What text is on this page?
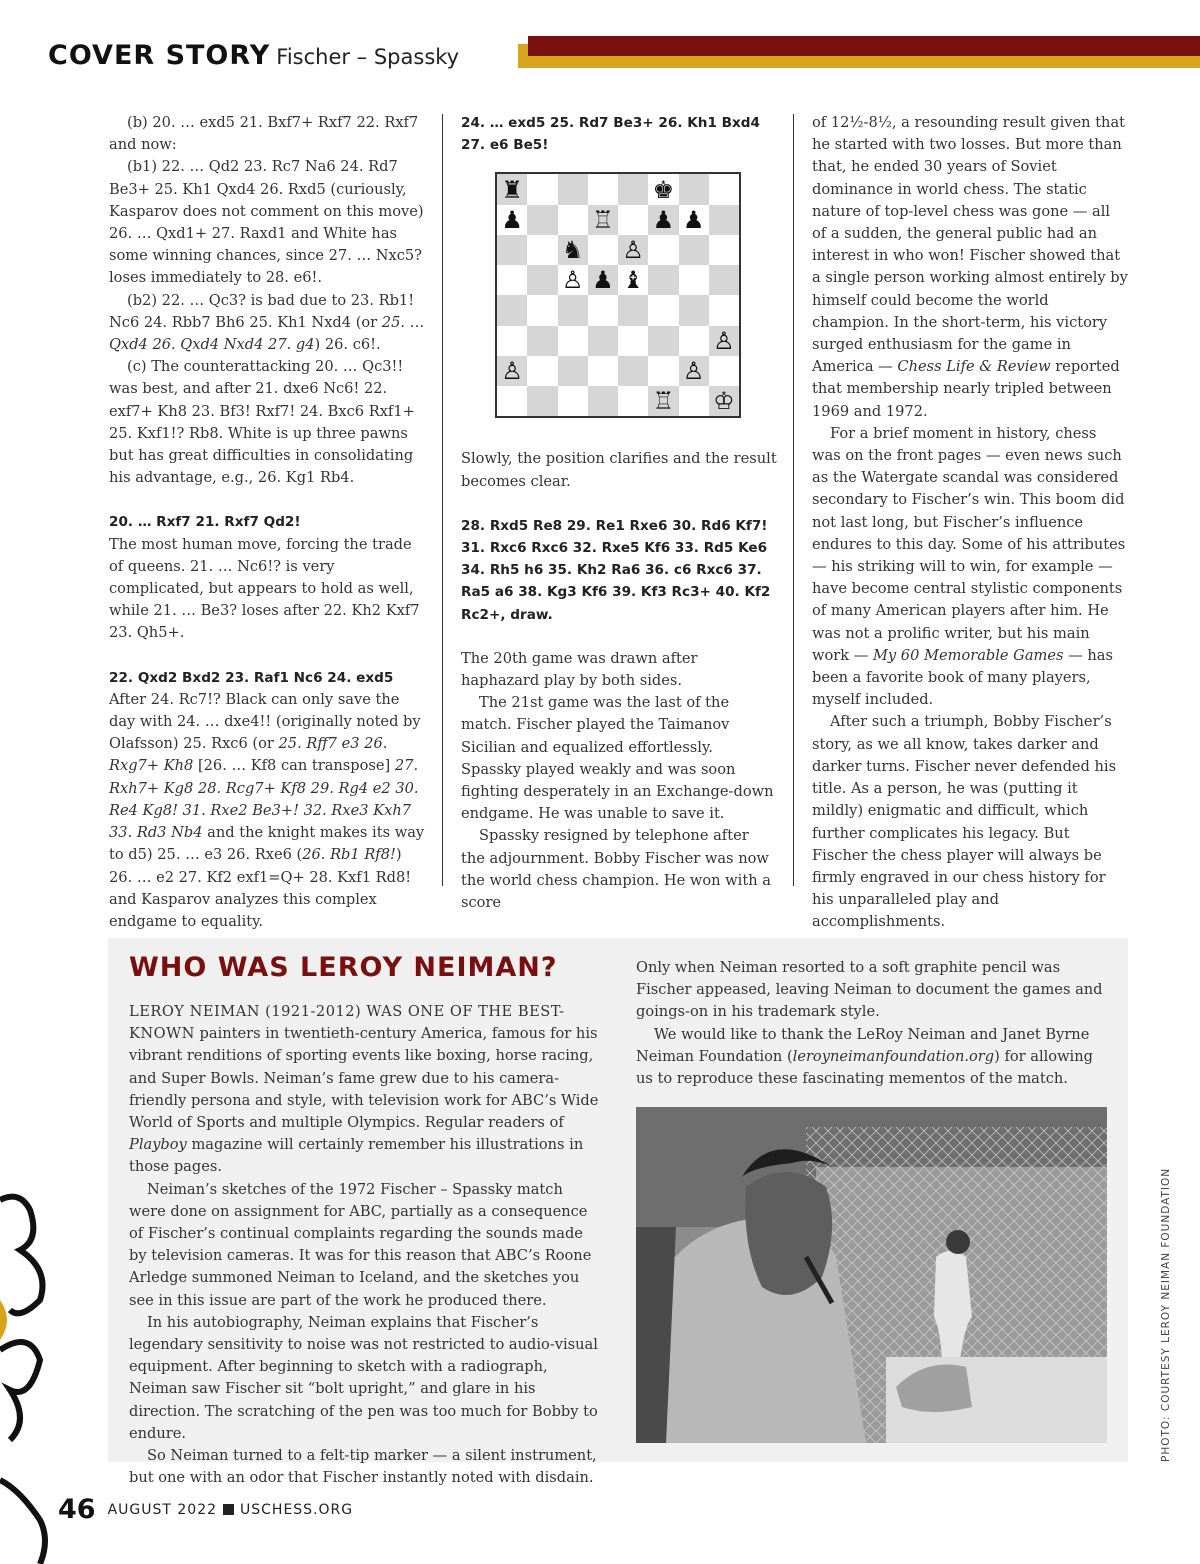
COVER STORY Fischer – Spassky

(b) 20. … exd5 21. Bxf7+ Rxf7 22. Rxf7 and now:

(b1) 22. … Qd2 23. Rc7 Na6 24. Rd7 Be3+ 25. Kh1 Qxd4 26. Rxd5 (curiously, Kasparov does not comment on this move) 26. … Qxd1+ 27. Raxd1 and White has some winning chances, since 27. … Nxc5? loses immediately to 28. e6!.

(b2) 22. … Qc3? is bad due to 23. Rb1! Nc6 24. Rbb7 Bh6 25. Kh1 Nxd4 (or 25. … Qxd4 26. Qxd4 Nxd4 27. g4) 26. c6!.

(c) The counterattacking 20. … Qc3!! was best, and after 21. dxe6 Nc6! 22. exf7+ Kh8 23. Bf3! Rxf7! 24. Bxc6 Rxf1+ 25. Kxf1!? Rb8. White is up three pawns but has great difficulties in consolidating his advantage, e.g., 26. Kg1 Rb4.

20. … Rxf7 21. Rxf7 Qd2!

The most human move, forcing the trade of queens. 21. … Nc6!? is very complicated, but appears to hold as well, while 21. … Be3? loses after 22. Kh2 Kxf7 23. Qh5+.

22. Qxd2 Bxd2 23. Raf1 Nc6 24. exd5

After 24. Rc7!? Black can only save the day with 24. … dxe4!! (originally noted by Olafsson) 25. Rxc6 (or 25. Rff7 e3 26. Rxg7+ Kh8 [26. … Kf8 can transpose] 27. Rxh7+ Kg8 28. Rcg7+ Kf8 29. Rg4 e2 30. Re4 Kg8! 31. Rxe2 Be3+! 32. Rxe3 Kxh7 33. Rd3 Nb4 and the knight makes its way to d5) 25. … e3 26. Rxe6 (26. Rb1 Rf8!) 26. … e2 27. Kf2 exf1=Q+ 28. Kxf1 Rd8! and Kasparov analyzes this complex endgame to equality.

24. … exd5 25. Rd7 Be3+ 26. Kh1 Bxd4 27. e6 Be5!

♜	♚
♟	♖ ♟ ♟
♞ ♙
♙ ♟ ♝
♙
♙	♙
♖ ♔

Slowly, the position clarifies and the result becomes clear.

28. Rxd5 Re8 29. Re1 Rxe6 30. Rd6 Kf7! 31. Rxc6 Rxc6 32. Rxe5 Kf6 33. Rd5 Ke6 34. Rh5 h6 35. Kh2 Ra6 36. c6 Rxc6 37. Ra5 a6 38. Kg3 Kf6 39. Kf3 Rc3+ 40. Kf2 Rc2+, draw.

The 20th game was drawn after haphazard play by both sides.

The 21st game was the last of the match. Fischer played the Taimanov Sicilian and equalized effortlessly. Spassky played weakly and was soon fighting desperately in an Exchange-down endgame. He was unable to save it.

Spassky resigned by telephone after the adjournment. Bobby Fischer was now the world chess champion. He won with a score

of 12½-8½, a resounding result given that he started with two losses. But more than that, he ended 30 years of Soviet dominance in world chess. The static nature of top-level chess was gone — all of a sudden, the general public had an interest in who won! Fischer showed that a single person working almost entirely by himself could become the world champion. In the short-term, his victory surged enthusiasm for the game in America — Chess Life & Review reported that membership nearly tripled between 1969 and 1972.

For a brief moment in history, chess was on the front pages — even news such as the Watergate scandal was considered secondary to Fischer’s win. This boom did not last long, but Fischer’s influence endures to this day. Some of his attributes — his striking will to win, for example — have become central stylistic components of many American players after him. He was not a prolific writer, but his main work — My 60 Memorable Games — has been a favorite book of many players, myself included.

After such a triumph, Bobby Fischer’s story, as we all know, takes darker and darker turns. Fischer never defended his title. As a person, he was (putting it mildly) enigmatic and difficult, which further complicates his legacy. But Fischer the chess player will always be firmly engraved in our chess history for his unparalleled play and accomplishments.

WHO WAS LEROY NEIMAN?

LEROY NEIMAN (1921-2012) WAS ONE OF THE BEST-KNOWN painters in twentieth-century America, famous for his vibrant renditions of sporting events like boxing, horse racing, and Super Bowls. Neiman’s fame grew due to his camera-friendly persona and style, with television work for ABC’s Wide World of Sports and multiple Olympics. Regular readers of Playboy magazine will certainly remember his illustrations in those pages.

Neiman’s sketches of the 1972 Fischer – Spassky match were done on assignment for ABC, partially as a consequence of Fischer’s continual complaints regarding the sounds made by television cameras. It was for this reason that ABC’s Roone Arledge summoned Neiman to Iceland, and the sketches you see in this issue are part of the work he produced there.

In his autobiography, Neiman explains that Fischer’s legendary sensitivity to noise was not restricted to audio-visual equipment. After beginning to sketch with a radiograph, Neiman saw Fischer sit “bolt upright,” and glare in his direction. The scratching of the pen was too much for Bobby to endure.

So Neiman turned to a felt-tip marker — a silent instrument, but one with an odor that Fischer instantly noted with disdain.

Only when Neiman resorted to a soft graphite pencil was Fischer appeased, leaving Neiman to document the games and goings-on in his trademark style.

We would like to thank the LeRoy Neiman and Janet Byrne Neiman Foundation (leroyneimanfoundation.org) for allowing us to reproduce these fascinating mementos of the match.

PHOTO: COURTESY LEROY NEIMAN FOUNDATION
46 AUGUST 2022 USCHESS.ORG
